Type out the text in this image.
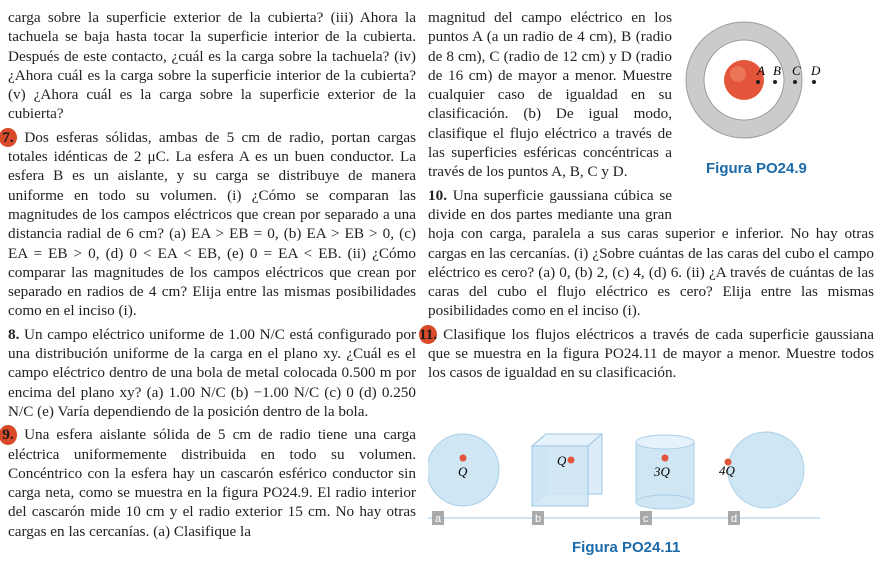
carga sobre la superficie exterior de la cubierta? (iii) Ahora la tachuela se baja hasta tocar la superficie interior de la cubierta. Después de este contacto, ¿cuál es la carga sobre la tachuela? (iv) ¿Ahora cuál es la carga sobre la superficie interior de la cubierta? (v) ¿Ahora cuál es la carga sobre la superficie exterior de la cubierta?

7. Dos esferas sólidas, ambas de 5 cm de radio, portan cargas totales idénticas de 2 μC. La esfera A es un buen conductor. La esfera B es un aislante, y su carga se distribuye de manera uniforme en todo su volumen. (i) ¿Cómo se comparan las magnitudes de los campos eléctricos que crean por separado a una distancia radial de 6 cm? (a) EA > EB = 0, (b) EA > EB > 0, (c) EA = EB > 0, (d) 0 < EA < EB, (e) 0 = EA < EB. (ii) ¿Cómo comparar las magnitudes de los campos eléctricos que crean por separado en radios de 4 cm? Elija entre las mismas posibilidades como en el inciso (i).

8. Un campo eléctrico uniforme de 1.00 N/C está configurado por una distribución uniforme de la carga en el plano xy. ¿Cuál es el campo eléctrico dentro de una bola de metal colocada 0.500 m por encima del plano xy? (a) 1.00 N/C (b) −1.00 N/C (c) 0 (d) 0.250 N/C (e) Varía dependiendo de la posición dentro de la bola.

9. Una esfera aislante sólida de 5 cm de radio tiene una carga eléctrica uniformemente distribuida en todo su volumen. Concéntrico con la esfera hay un cascarón esférico conductor sin carga neta, como se muestra en la figura PO24.9. El radio interior del cascarón mide 10 cm y el radio exterior 15 cm. No hay otras cargas en las cercanías. (a) Clasifique la

magnitud del campo eléctrico en los puntos A (a un radio de 4 cm), B (radio de 8 cm), C (radio de 12 cm) y D (radio de 16 cm) de mayor a menor. Muestre cualquier caso de igualdad en su clasificación. (b) De igual modo, clasifique el flujo eléctrico a través de las superficies esféricas concéntricas a través de los puntos A, B, C y D.

10. Una superficie gaussiana cúbica se divide en dos partes mediante una gran hoja con carga, paralela a sus caras superior e inferior. No hay otras cargas en las cercanías. (i) ¿Sobre cuántas de las caras del cubo el campo eléctrico es cero? (a) 0, (b) 2, (c) 4, (d) 6. (ii) ¿A través de cuántas de las caras del cubo el flujo eléctrico es cero? Elija entre las mismas posibilidades como en el inciso (i).

11. Clasifique los flujos eléctricos a través de cada superficie gaussiana que se muestra en la figura PO24.11 de mayor a menor. Muestre todos los casos de igualdad en su clasificación.

A B C D
Figura PO24.9
Q
Q
3Q	4Q
a	b	c	d
Figura PO24.11
